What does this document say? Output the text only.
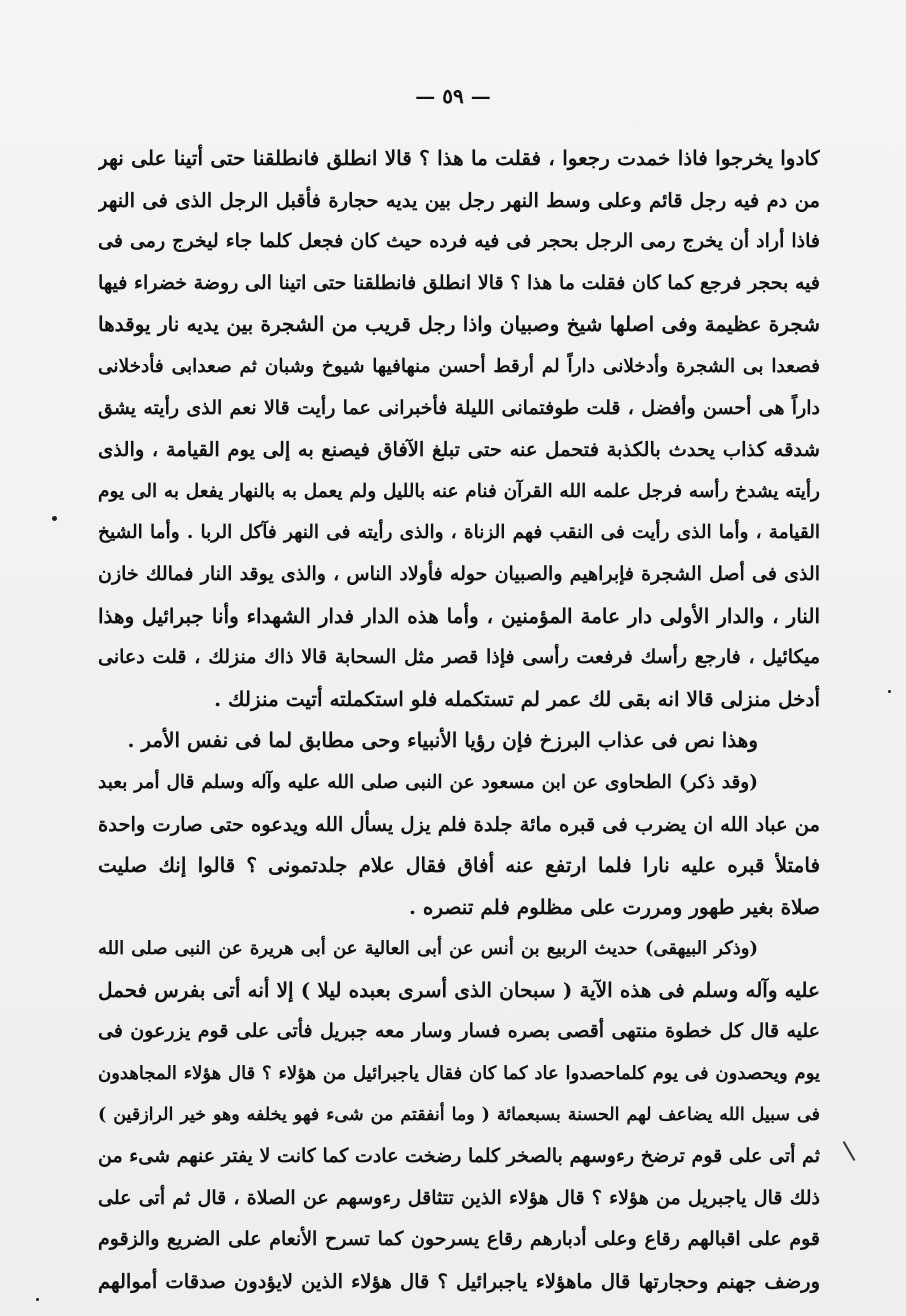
— ٥٩ —
كادوا يخرجوا فاذا خمدت رجعوا ، فقلت ما هذا ؟ قالا انطلق فانطلقنا حتى أتينا على نهر
من دم فيه رجل قائم وعلى وسط النهر رجل بين يديه حجارة فأقبل الرجل الذى فى النهر
فاذا أراد أن يخرج رمى الرجل بحجر فى فيه فرده حيث كان فجعل كلما جاء ليخرج رمى فى
فيه بحجر فرجع كما كان فقلت ما هذا ؟ قالا انطلق فانطلقنا حتى اتينا الى روضة خضراء فيها
شجرة عظيمة وفى اصلها شيخ وصبيان واذا رجل قريب من الشجرة بين يديه نار يوقدها
فصعدا بى الشجرة وأدخلانى داراً لم أرقط أحسن منهافيها شيوخ وشبان ثم صعدابى فأدخلانى
داراً هى أحسن وأفضل ، قلت طوفتمانى الليلة فأخبرانى عما رأيت قالا نعم الذى رأيته يشق
شدقه كذاب يحدث بالكذبة فتحمل عنه حتى تبلغ الآفاق فيصنع به إلى يوم القيامة ، والذى
رأيته يشدخ رأسه فرجل علمه الله القرآن فنام عنه بالليل ولم يعمل به بالنهار يفعل به الى يوم
القيامة ، وأما الذى رأيت فى النقب فهم الزناة ، والذى رأيته فى النهر فآكل الربا . وأما الشيخ
الذى فى أصل الشجرة فإبراهيم والصبيان حوله فأولاد الناس ، والذى يوقد النار فمالك خازن
النار ، والدار الأولى دار عامة المؤمنين ، وأما هذه الدار فدار الشهداء وأنا جبرائيل وهذا
ميكائيل ، فارجع رأسك فرفعت رأسى فإذا قصر مثل السحابة قالا ذاك منزلك ، قلت دعانى
أدخل منزلى قالا انه بقى لك عمر لم تستكمله فلو استكملته أتيت منزلك .
وهذا نص فى عذاب البرزخ فإن رؤيا الأنبياء وحى مطابق لما فى نفس الأمر .
(وقد ذكر) الطحاوى عن ابن مسعود عن النبى صلى الله عليه وآله وسلم قال أمر بعبد
من عباد الله ان يضرب فى قبره مائة جلدة فلم يزل يسأل الله ويدعوه حتى صارت واحدة
فامتلأ قبره عليه نارا فلما ارتفع عنه أفاق فقال علام جلدتمونى ؟ قالوا إنك صليت
صلاة بغير طهور ومررت على مظلوم فلم تنصره .
(وذكر البيهقى) حديث الربيع بن أنس عن أبى العالية عن أبى هريرة عن النبى صلى الله
عليه وآله وسلم فى هذه الآية ( سبحان الذى أسرى بعبده ليلا ) إلا أنه أتى بفرس فحمل
عليه قال كل خطوة منتهى أقصى بصره فسار وسار معه جبريل فأتى على قوم يزرعون فى
يوم ويحصدون فى يوم كلماحصدوا عاد كما كان فقال ياجبرائيل من هؤلاء ؟ قال هؤلاء المجاهدون
فى سبيل الله يضاعف لهم الحسنة بسبعمائة ( وما أنفقتم من شىء فهو يخلفه وهو خير الرازقين )
ثم أتى على قوم ترضخ رءوسهم بالصخر كلما رضخت عادت كما كانت لا يفتر عنهم شىء من
ذلك قال ياجبريل من هؤلاء ؟ قال هؤلاء الذين تتثاقل رءوسهم عن الصلاة ، قال ثم أتى على
قوم على اقبالهم رقاع وعلى أدبارهم رقاع يسرحون كما تسرح الأنعام على الضريع والزقوم
ورضف جهنم وحجارتها قال ماهؤلاء ياجبرائيل ؟ قال هؤلاء الذين لايؤدون صدقات أموالهم
